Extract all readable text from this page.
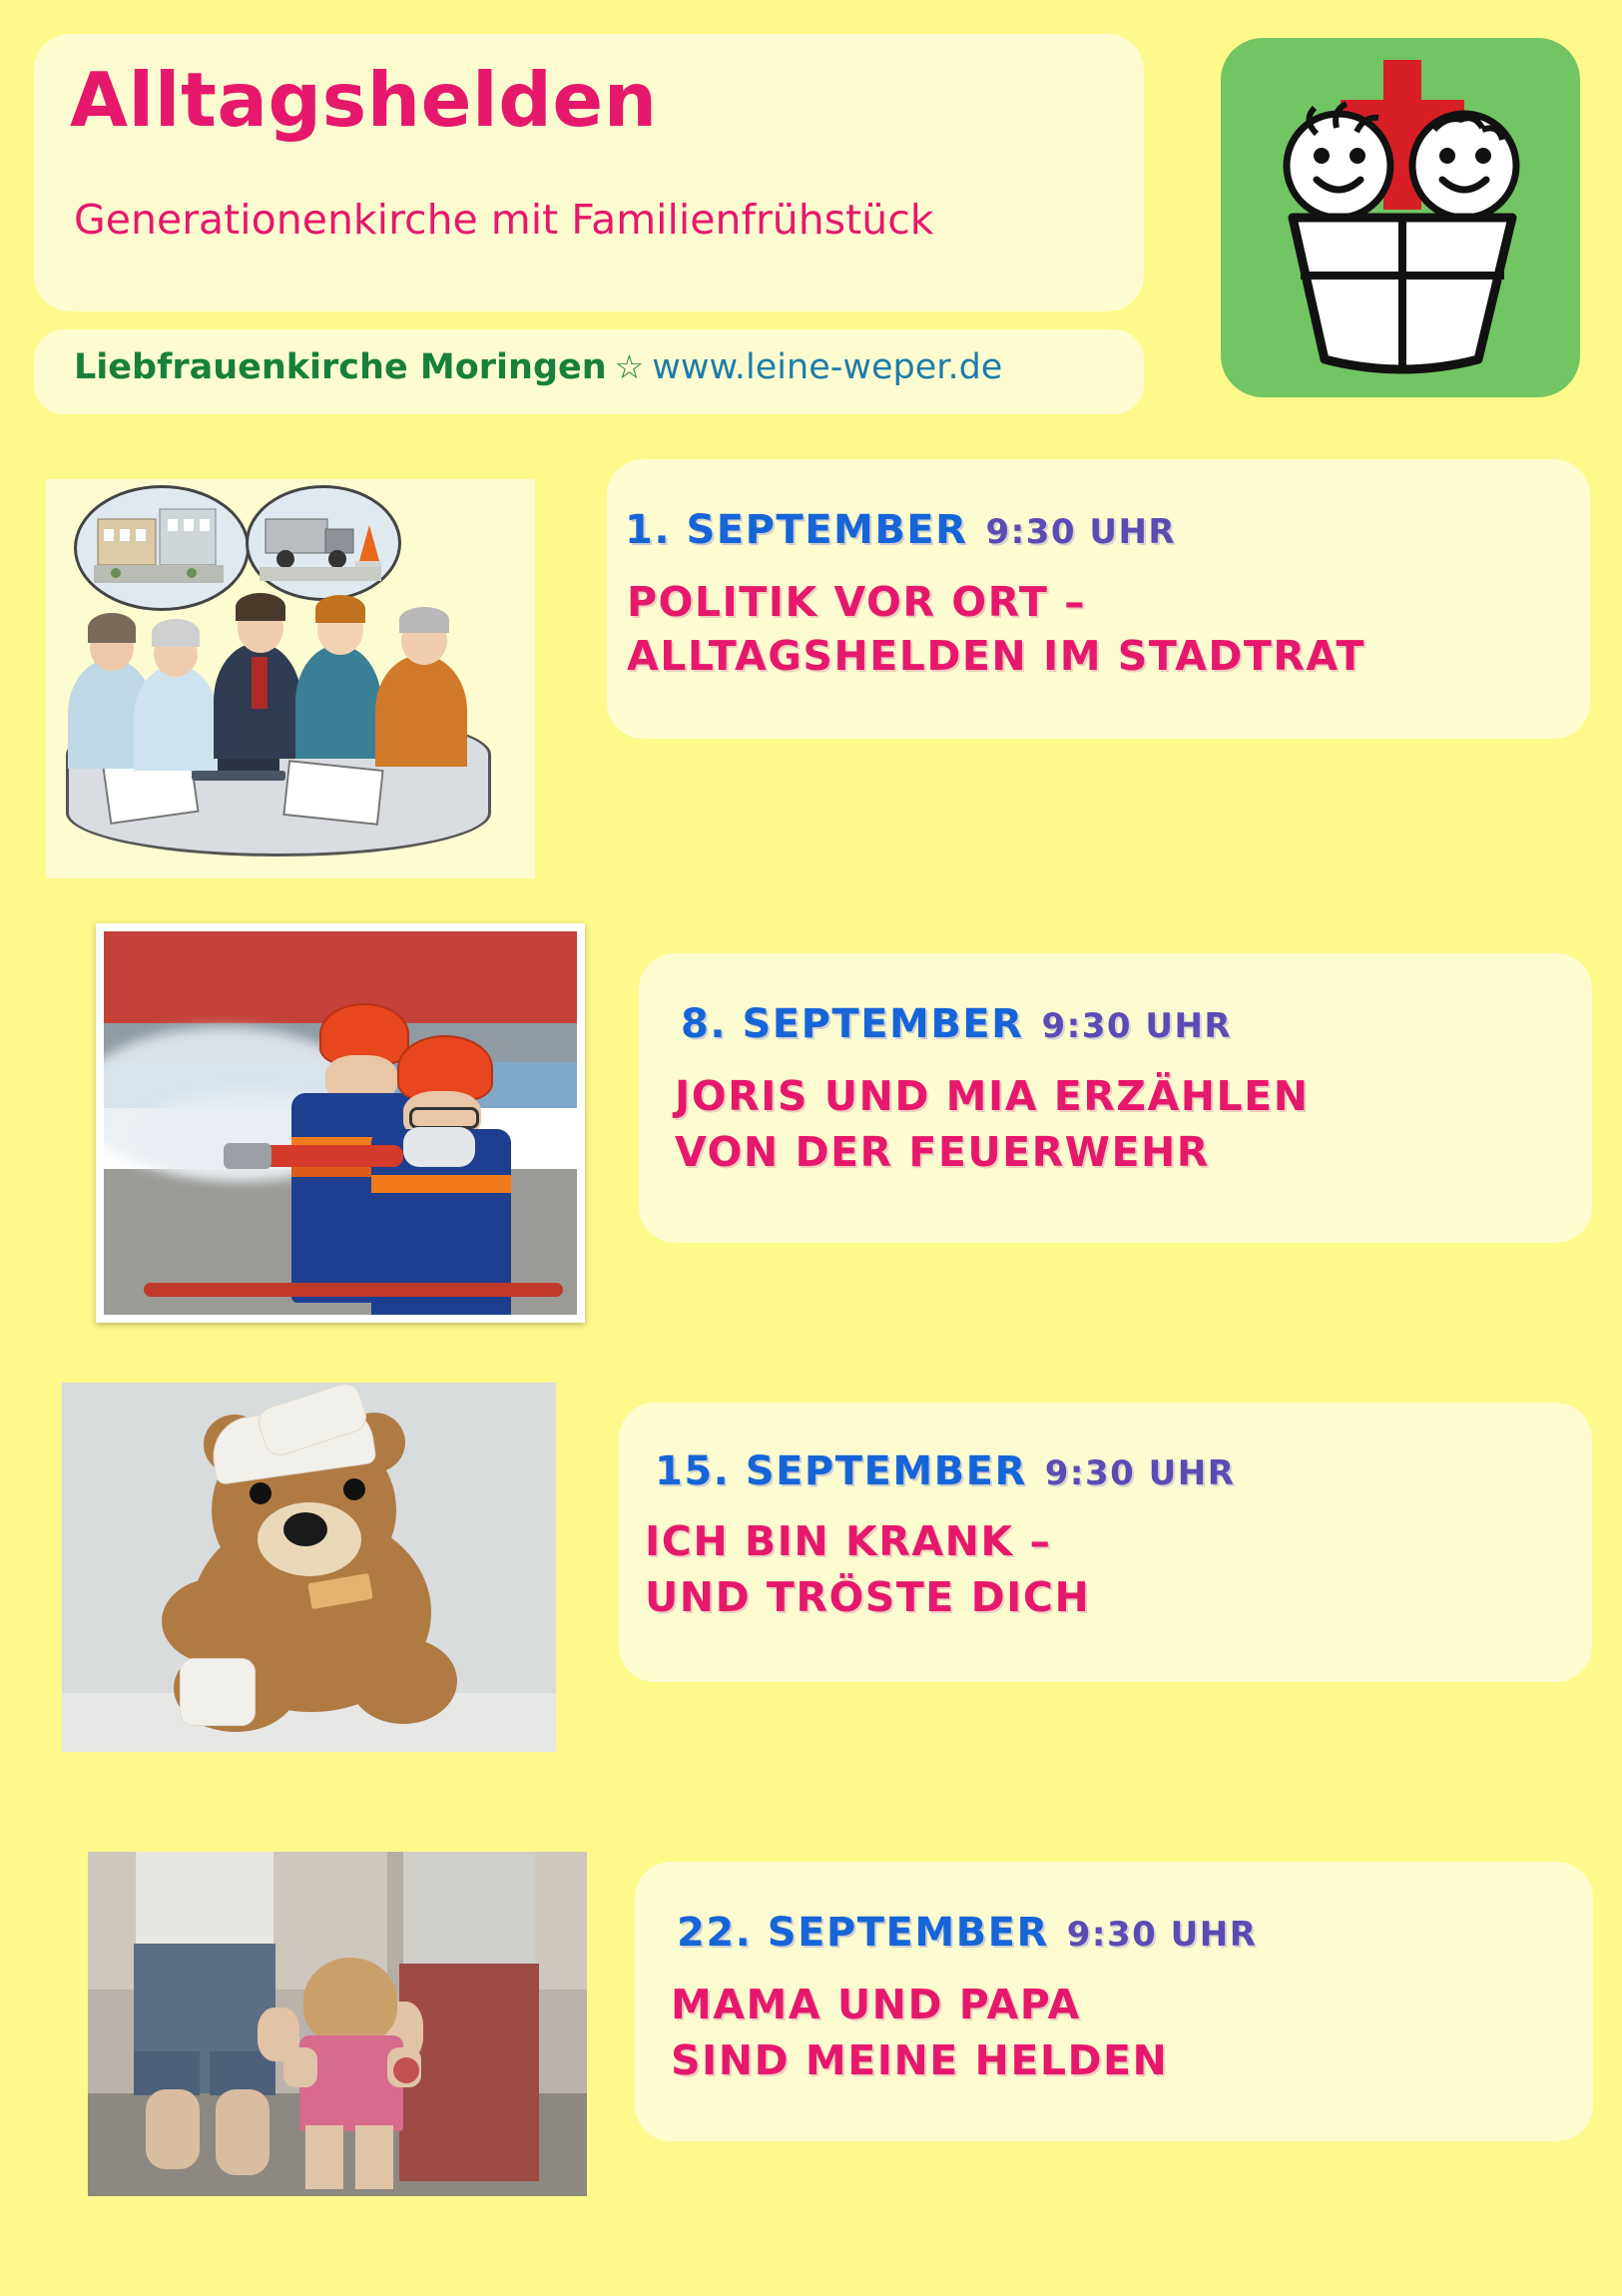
Alltagshelden
Generationenkirche mit Familienfrühstück
Liebfrauenkirche Moringen ☆ www.leine-weper.de
1. SEPTEMBER 9:30 UHR
POLITIK VOR ORT –
ALLTAGSHELDEN IM STADTRAT
8. SEPTEMBER 9:30 UHR
JORIS UND MIA ERZÄHLEN
VON DER FEUERWEHR
15. SEPTEMBER 9:30 UHR
ICH BIN KRANK –
UND TRÖSTE DICH
22. SEPTEMBER 9:30 UHR
MAMA UND PAPA
SIND MEINE HELDEN
